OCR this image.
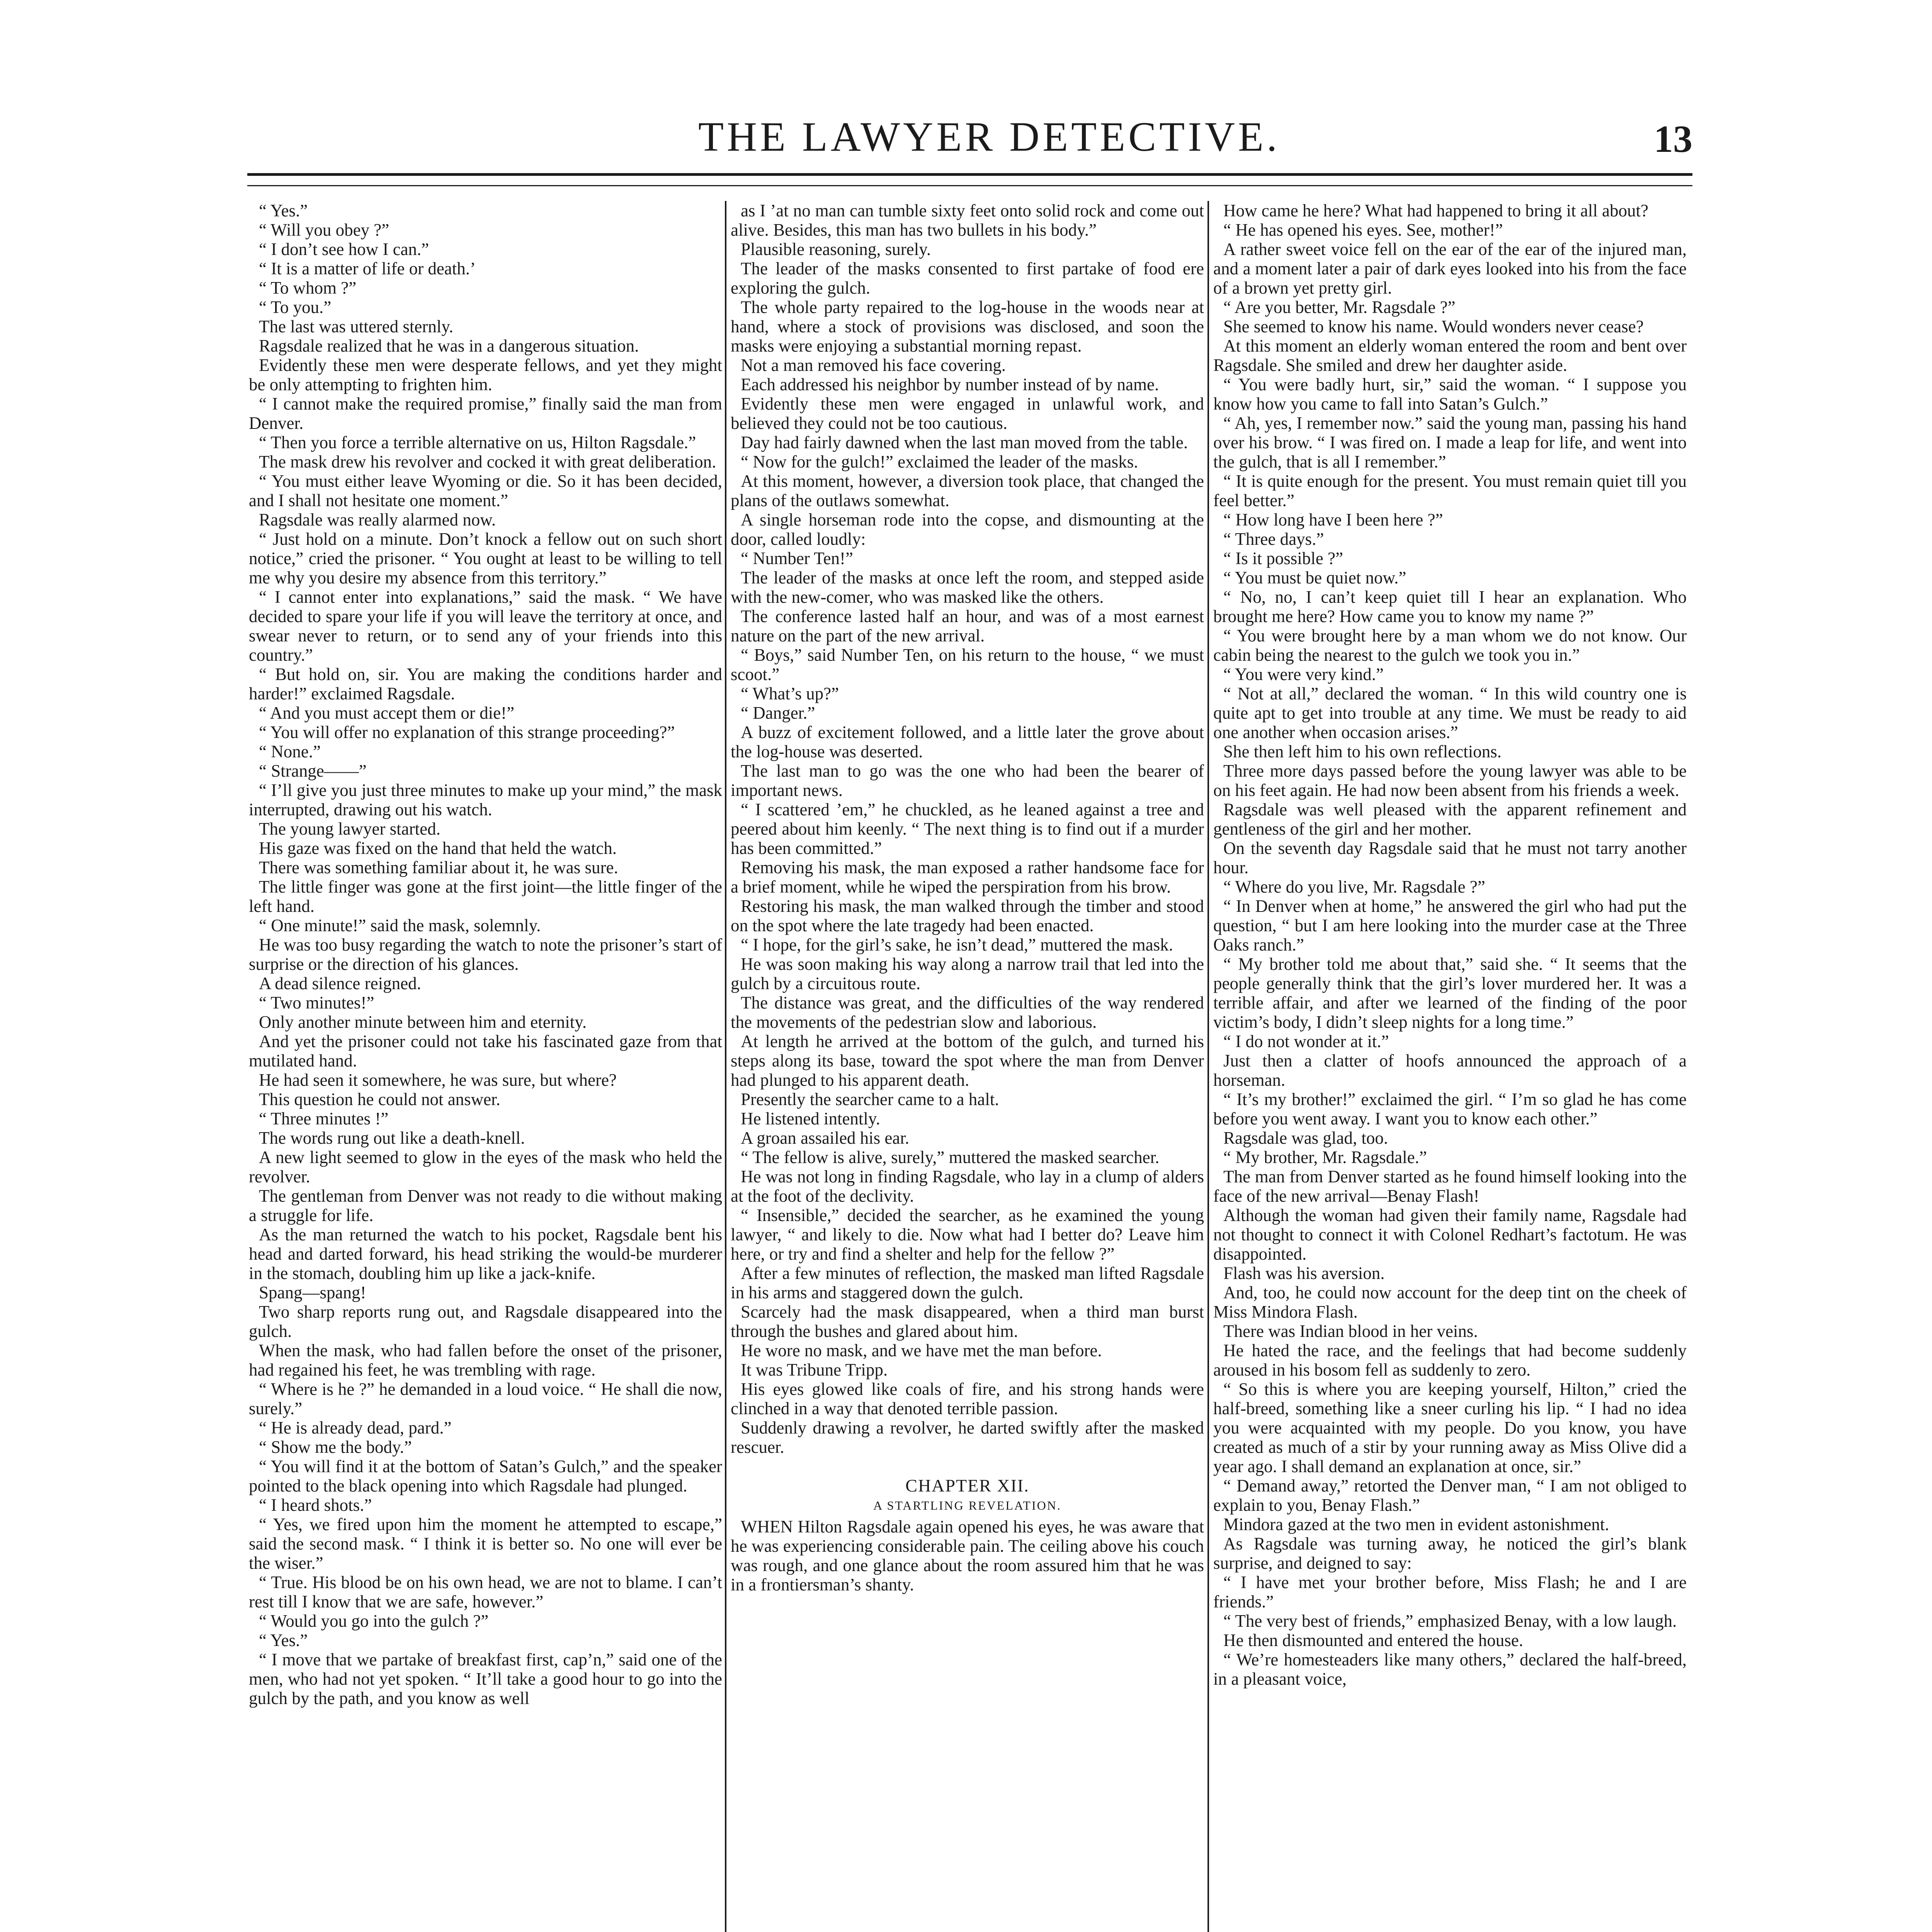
THE LAWYER DETECTIVE.	13

“ Yes.”

“ Will you obey ?”

“ I don’t see how I can.”

“ It is a matter of life or death.’

“ To whom ?”

“ To you.”

The last was uttered sternly.

Ragsdale realized that he was in a dangerous situation.

Evidently these men were desperate fellows, and yet they might be only attempting to frighten him.

“ I cannot make the required promise,” finally said the man from Denver.

“ Then you force a terrible alternative on us, Hilton Ragsdale.”

The mask drew his revolver and cocked it with great deliberation.

“ You must either leave Wyoming or die. So it has been decided, and I shall not hesitate one moment.”

Ragsdale was really alarmed now.

“ Just hold on a minute. Don’t knock a fellow out on such short notice,” cried the prisoner. “ You ought at least to be willing to tell me why you desire my absence from this territory.”

“ I cannot enter into explanations,” said the mask. “ We have decided to spare your life if you will leave the territory at once, and swear never to return, or to send any of your friends into this country.”

“ But hold on, sir. You are making the conditions harder and harder!” exclaimed Ragsdale.

“ And you must accept them or die!”

“ You will offer no explanation of this strange proceeding?”

“ None.”

“ Strange——”

“ I’ll give you just three minutes to make up your mind,” the mask interrupted, drawing out his watch.

The young lawyer started.

His gaze was fixed on the hand that held the watch.

There was something familiar about it, he was sure.

The little finger was gone at the first joint—the little finger of the left hand.

“ One minute!” said the mask, solemnly.

He was too busy regarding the watch to note the prisoner’s start of surprise or the direction of his glances.

A dead silence reigned.

“ Two minutes!”

Only another minute between him and eternity.

And yet the prisoner could not take his fascinated gaze from that mutilated hand.

He had seen it somewhere, he was sure, but where?

This question he could not answer.

“ Three minutes !”

The words rung out like a death-knell.

A new light seemed to glow in the eyes of the mask who held the revolver.

The gentleman from Denver was not ready to die without making a struggle for life.

As the man returned the watch to his pocket, Ragsdale bent his head and darted forward, his head striking the would-be murderer in the stomach, doubling him up like a jack-knife.

Spang—spang!

Two sharp reports rung out, and Ragsdale disappeared into the gulch.

When the mask, who had fallen before the onset of the prisoner, had regained his feet, he was trembling with rage.

“ Where is he ?” he demanded in a loud voice. “ He shall die now, surely.”

“ He is already dead, pard.”

“ Show me the body.”

“ You will find it at the bottom of Satan’s Gulch,” and the speaker pointed to the black opening into which Ragsdale had plunged.

“ I heard shots.”

“ Yes, we fired upon him the moment he attempted to escape,” said the second mask. “ I think it is better so. No one will ever be the wiser.”

“ True. His blood be on his own head, we are not to blame. I can’t rest till I know that we are safe, however.”

“ Would you go into the gulch ?”

“ Yes.”

“ I move that we partake of breakfast first, cap’n,” said one of the men, who had not yet spoken. “ It’ll take a good hour to go into the gulch by the path, and you know as well

as I ’at no man can tumble sixty feet onto solid rock and come out alive. Besides, this man has two bullets in his body.”

Plausible reasoning, surely.

The leader of the masks consented to first partake of food ere exploring the gulch.

The whole party repaired to the log-house in the woods near at hand, where a stock of provisions was disclosed, and soon the masks were enjoying a substantial morning repast.

Not a man removed his face covering.

Each addressed his neighbor by number instead of by name.

Evidently these men were engaged in unlawful work, and believed they could not be too cautious.

Day had fairly dawned when the last man moved from the table.

“ Now for the gulch!” exclaimed the leader of the masks.

At this moment, however, a diversion took place, that changed the plans of the outlaws somewhat.

A single horseman rode into the copse, and dismounting at the door, called loudly:

“ Number Ten!”

The leader of the masks at once left the room, and stepped aside with the new-comer, who was masked like the others.

The conference lasted half an hour, and was of a most earnest nature on the part of the new arrival.

“ Boys,” said Number Ten, on his return to the house, “ we must scoot.”

“ What’s up?”

“ Danger.”

A buzz of excitement followed, and a little later the grove about the log-house was deserted.

The last man to go was the one who had been the bearer of important news.

“ I scattered ’em,” he chuckled, as he leaned against a tree and peered about him keenly. “ The next thing is to find out if a murder has been committed.”

Removing his mask, the man exposed a rather handsome face for a brief moment, while he wiped the perspiration from his brow.

Restoring his mask, the man walked through the timber and stood on the spot where the late tragedy had been enacted.

“ I hope, for the girl’s sake, he isn’t dead,” muttered the mask.

He was soon making his way along a narrow trail that led into the gulch by a circuitous route.

The distance was great, and the difficulties of the way rendered the movements of the pedestrian slow and laborious.

At length he arrived at the bottom of the gulch, and turned his steps along its base, toward the spot where the man from Denver had plunged to his apparent death.

Presently the searcher came to a halt.

He listened intently.

A groan assailed his ear.

“ The fellow is alive, surely,” muttered the masked searcher.

He was not long in finding Ragsdale, who lay in a clump of alders at the foot of the declivity.

“ Insensible,” decided the searcher, as he examined the young lawyer, “ and likely to die. Now what had I better do? Leave him here, or try and find a shelter and help for the fellow ?”

After a few minutes of reflection, the masked man lifted Ragsdale in his arms and staggered down the gulch.

Scarcely had the mask disappeared, when a third man burst through the bushes and glared about him.

He wore no mask, and we have met the man before.

It was Tribune Tripp.

His eyes glowed like coals of fire, and his strong hands were clinched in a way that denoted terrible passion.

Suddenly drawing a revolver, he darted swiftly after the masked rescuer.

CHAPTER XII.
A STARTLING REVELATION.

WHEN Hilton Ragsdale again opened his eyes, he was aware that he was experiencing considerable pain. The ceiling above his couch was rough, and one glance about the room assured him that he was in a frontiersman’s shanty.

How came he here? What had happened to bring it all about?

“ He has opened his eyes. See, mother!”

A rather sweet voice fell on the ear of the ear of the injured man, and a moment later a pair of dark eyes looked into his from the face of a brown yet pretty girl.

“ Are you better, Mr. Ragsdale ?”

She seemed to know his name. Would wonders never cease?

At this moment an elderly woman entered the room and bent over Ragsdale. She smiled and drew her daughter aside.

“ You were badly hurt, sir,” said the woman. “ I suppose you know how you came to fall into Satan’s Gulch.”

“ Ah, yes, I remember now.” said the young man, passing his hand over his brow. “ I was fired on. I made a leap for life, and went into the gulch, that is all I remember.”

“ It is quite enough for the present. You must remain quiet till you feel better.”

“ How long have I been here ?”

“ Three days.”

“ Is it possible ?”

“ You must be quiet now.”

“ No, no, I can’t keep quiet till I hear an explanation. Who brought me here? How came you to know my name ?”

“ You were brought here by a man whom we do not know. Our cabin being the nearest to the gulch we took you in.”

“ You were very kind.”

“ Not at all,” declared the woman. “ In this wild country one is quite apt to get into trouble at any time. We must be ready to aid one another when occasion arises.”

She then left him to his own reflections.

Three more days passed before the young lawyer was able to be on his feet again. He had now been absent from his friends a week.

Ragsdale was well pleased with the apparent refinement and gentleness of the girl and her mother.

On the seventh day Ragsdale said that he must not tarry another hour.

“ Where do you live, Mr. Ragsdale ?”

“ In Denver when at home,” he answered the girl who had put the question, “ but I am here looking into the murder case at the Three Oaks ranch.”

“ My brother told me about that,” said she. “ It seems that the people generally think that the girl’s lover murdered her. It was a terrible affair, and after we learned of the finding of the poor victim’s body, I didn’t sleep nights for a long time.”

“ I do not wonder at it.”

Just then a clatter of hoofs announced the approach of a horseman.

“ It’s my brother!” exclaimed the girl. “ I’m so glad he has come before you went away. I want you to know each other.”

Ragsdale was glad, too.

“ My brother, Mr. Ragsdale.”

The man from Denver started as he found himself looking into the face of the new arrival—Benay Flash!

Although the woman had given their family name, Ragsdale had not thought to connect it with Colonel Redhart’s factotum. He was disappointed.

Flash was his aversion.

And, too, he could now account for the deep tint on the cheek of Miss Mindora Flash.

There was Indian blood in her veins.

He hated the race, and the feelings that had become suddenly aroused in his bosom fell as suddenly to zero.

“ So this is where you are keeping yourself, Hilton,” cried the half-breed, something like a sneer curling his lip. “ I had no idea you were acquainted with my people. Do you know, you have created as much of a stir by your running away as Miss Olive did a year ago. I shall demand an explanation at once, sir.”

“ Demand away,” retorted the Denver man, “ I am not obliged to explain to you, Benay Flash.”

Mindora gazed at the two men in evident astonishment.

As Ragsdale was turning away, he noticed the girl’s blank surprise, and deigned to say:

“ I have met your brother before, Miss Flash; he and I are friends.”

“ The very best of friends,” emphasized Benay, with a low laugh.

He then dismounted and entered the house.

“ We’re homesteaders like many others,” declared the half-breed, in a pleasant voice,
